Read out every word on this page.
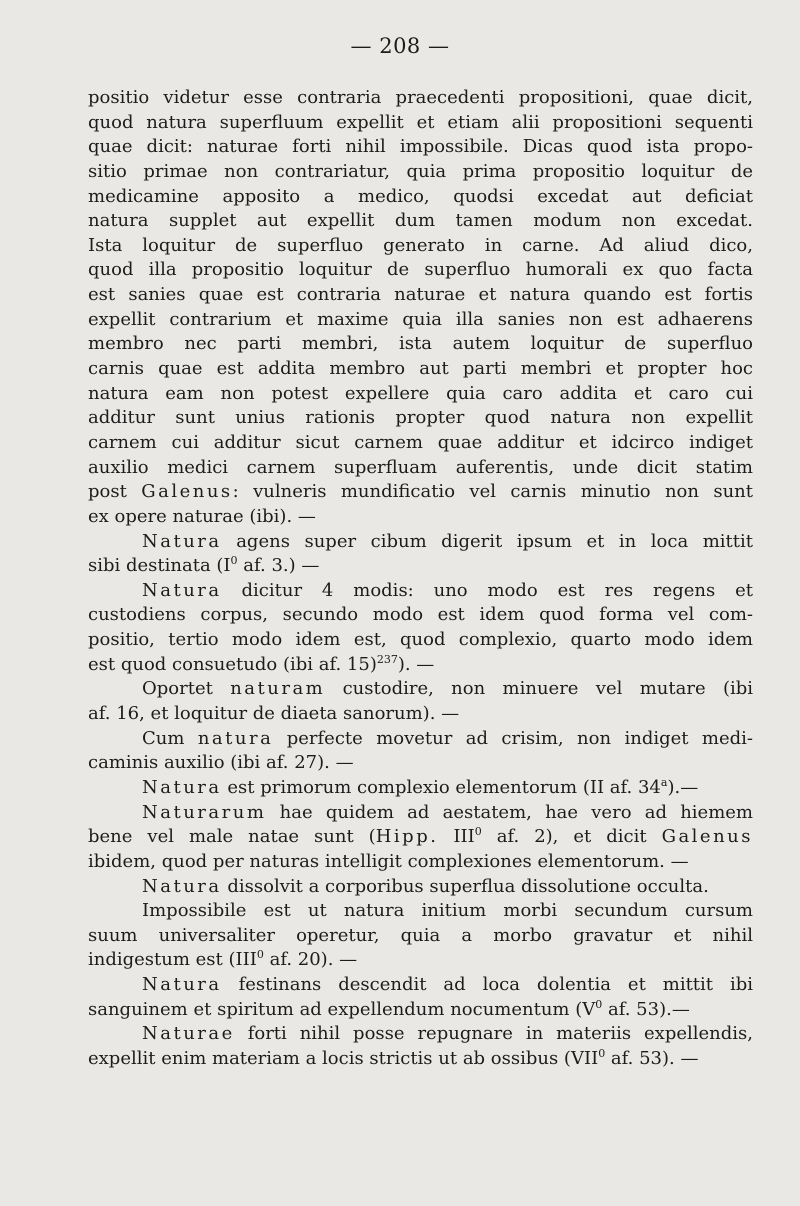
— 208 —
positio videtur esse contraria praecedenti propositioni, quae dicit,
quod natura superfluum expellit et etiam alii propositioni sequenti
quae dicit: naturae forti nihil impossibile. Dicas quod ista propo-
sitio primae non contrariatur, quia prima propositio loquitur de
medicamine apposito a medico, quodsi excedat aut deficiat
natura supplet aut expellit dum tamen modum non excedat.
Ista loquitur de superfluo generato in carne. Ad aliud dico,
quod illa propositio loquitur de superfluo humorali ex quo facta
est sanies quae est contraria naturae et natura quando est fortis
expellit contrarium et maxime quia illa sanies non est adhaerens
membro nec parti membri, ista autem loquitur de superfluo
carnis quae est addita membro aut parti membri et propter hoc
natura eam non potest expellere quia caro addita et caro cui
additur sunt unius rationis propter quod natura non expellit
carnem cui additur sicut carnem quae additur et idcirco indiget
auxilio medici carnem superfluam auferentis, unde dicit statim
post Galenus: vulneris mundificatio vel carnis minutio non sunt
ex opere naturae (ibi). —
Natura agens super cibum digerit ipsum et in loca mittit
sibi destinata ($I^0$ af. 3.) —
Natura dicitur 4 modis: uno modo est res regens et
custodiens corpus, secundo modo est idem quod forma vel com-
positio, tertio modo idem est, quod complexio, quarto modo idem
est quod consuetudo (ibi af. 15)$^{237}$). —
Oportet naturam custodire, non minuere vel mutare (ibi
af. 16, et loquitur de diaeta sanorum). —
Cum natura perfecte movetur ad crisim, non indiget medi-
caminis auxilio (ibi af. 27). —
Natura est primorum complexio elementorum (II af. 34$^a$).—
Naturarum hae quidem ad aestatem, hae vero ad hiemem
bene vel male natae sunt (Hipp. III$^0$ af. 2), et dicit Galenus
ibidem, quod per naturas intelligit complexiones elementorum. —
Natura dissolvit a corporibus superflua dissolutione occulta.
Impossibile est ut natura initium morbi secundum cursum
suum universaliter operetur, quia a morbo gravatur et nihil
indigestum est (III$^0$ af. 20). —
Natura festinans descendit ad loca dolentia et mittit ibi
sanguinem et spiritum ad expellendum nocumentum ($V^0$ af. 53).—
Naturae forti nihil posse repugnare in materiis expellendis,
expellit enim materiam a locis strictis ut ab ossibus (VII$^0$ af. 53). —
